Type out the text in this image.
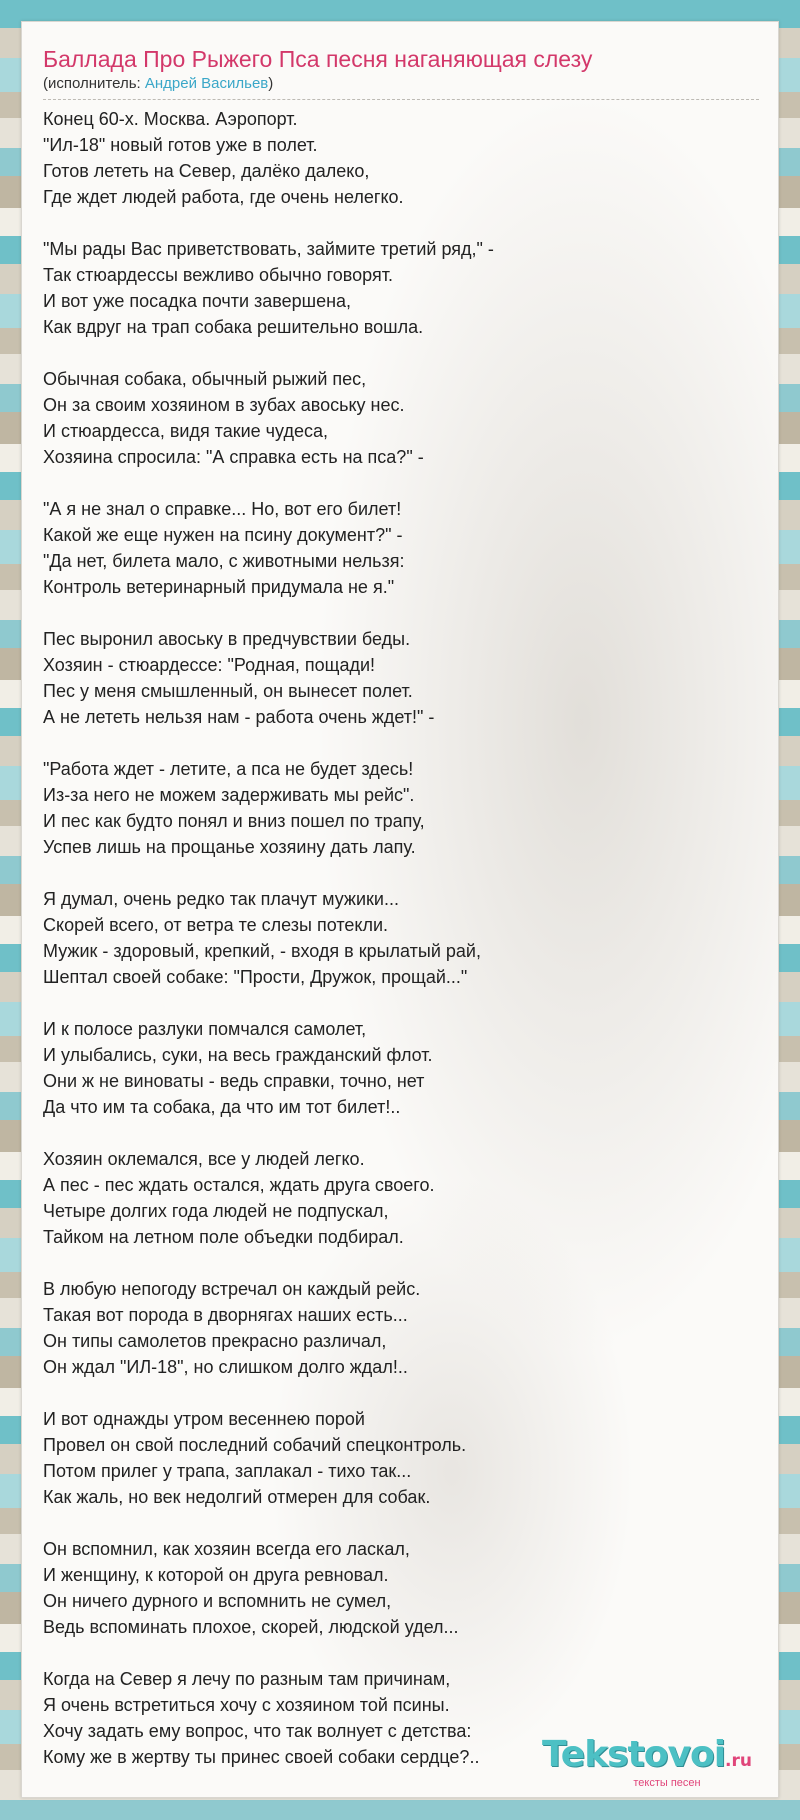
Баллада Про Рыжего Пса песня наганяющая слезу
(исполнитель: Андрей Васильев)
Конец 60-х. Москва. Аэропорт.
"Ил-18" новый готов уже в полет.
Готов лететь на Север, далёко далеко,
Где ждет людей работа, где очень нелегко.
"Мы рады Вас приветствовать, займите третий ряд," -
Так стюардессы вежливо обычно говорят.
И вот уже посадка почти завершена,
Как вдруг на трап собака решительно вошла.
Обычная собака, обычный рыжий пес,
Он за своим хозяином в зубах авоську нес.
И стюардесса, видя такие чудеса,
Хозяина спросила: "А справка есть на пса?" -
"А я не знал о справке... Но, вот его билет!
Какой же еще нужен на псину документ?" -
"Да нет, билета мало, с животными нельзя:
Контроль ветеринарный придумала не я."
Пес выронил авоську в предчувствии беды.
Хозяин - стюардессе: "Родная, пощади!
Пес у меня смышленный, он вынесет полет.
А не лететь нельзя нам - работа очень ждет!" -
"Работа ждет - летите, а пса не будет здесь!
Из-за него не можем задерживать мы рейс".
И пес как будто понял и вниз пошел по трапу,
Успев лишь на прощанье хозяину дать лапу.
Я думал, очень редко так плачут мужики...
Скорей всего, от ветра те слезы потекли.
Мужик - здоровый, крепкий, - входя в крылатый рай,
Шептал своей собаке: "Прости, Дружок, прощай..."
И к полосе разлуки помчался самолет,
И улыбались, суки, на весь гражданский флот.
Они ж не виноваты - ведь справки, точно, нет
Да что им та собака, да что им тот билет!..
Хозяин оклемался, все у людей легко.
А пес - пес ждать остался, ждать друга своего.
Четыре долгих года людей не подпускал,
Тайком на летном поле объедки подбирал.
В любую непогоду встречал он каждый рейс.
Такая вот порода в дворнягах наших есть...
Он типы самолетов прекрасно различал,
Он ждал "ИЛ-18", но слишком долго ждал!..
И вот однажды утром весеннею порой
Провел он свой последний собачий спецконтроль.
Потом прилег у трапа, заплакал - тихо так...
Как жаль, но век недолгий отмерен для собак.
Он вспомнил, как хозяин всегда его ласкал,
И женщину, к которой он друга ревновал.
Он ничего дурного и вспомнить не сумел,
Ведь вспоминать плохое, скорей, людской удел...
Когда на Север я лечу по разным там причинам,
Я очень встретиться хочу с хозяином той псины.
Хочу задать ему вопрос, что так волнует с детства:
Кому же в жертву ты принес своей собаки сердце?..	Tekstovoi.ru
тексты песен
